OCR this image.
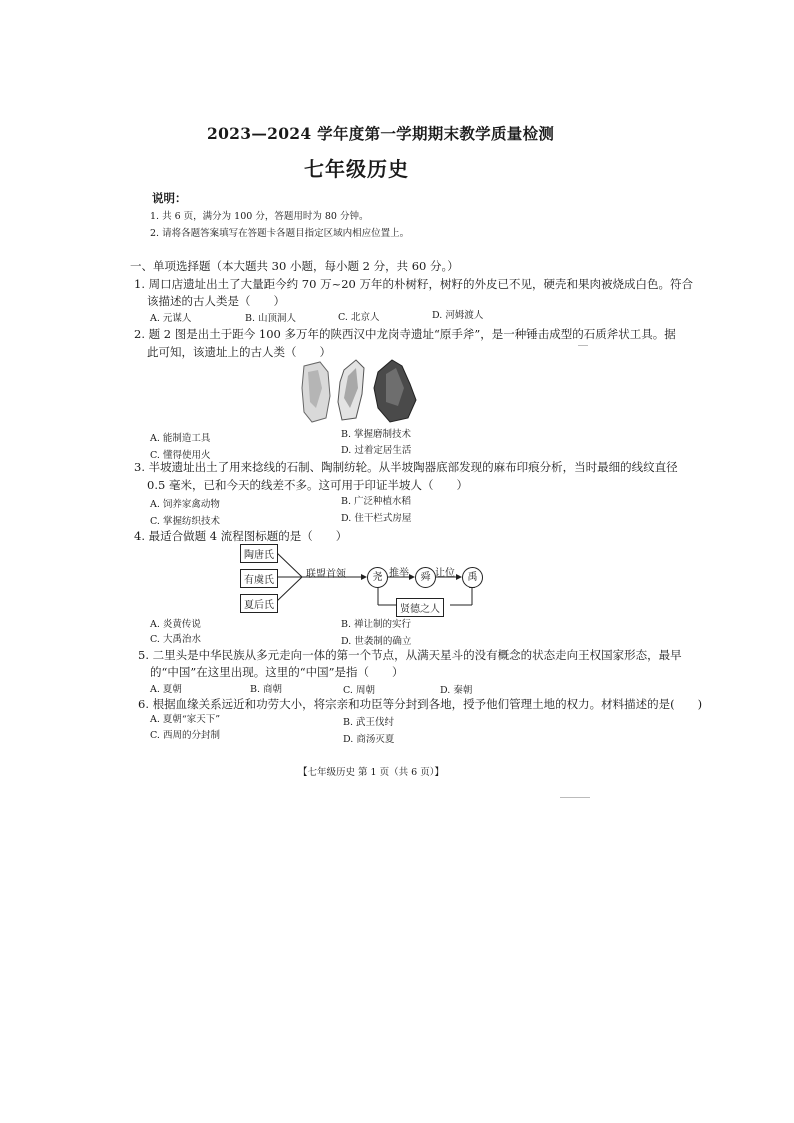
2023—2024 学年度第一学期期末教学质量检测
七年级历史
说明：
1. 共 6 页，满分为 100 分，答题用时为 80 分钟。
2. 请将各题答案填写在答题卡各题目指定区域内相应位置上。
一、单项选择题（本大题共 30 小题，每小题 2 分，共 60 分。）
1. 周口店遗址出土了大量距今约 70 万~20 万年的朴树籽，树籽的外皮已不见，硬壳和果肉被烧成白色。符合
该描述的古人类是（　　）
A. 元谋人	B. 山顶洞人	C. 北京人	D. 河姆渡人
2. 题 2 图是出土于距今 100 多万年的陕西汉中龙岗寺遗址“原手斧”，是一种锤击成型的石质斧状工具。据
此可知，该遗址上的古人类（　　）
B. 掌握磨制技术
A. 能制造工具
D. 过着定居生活
C. 懂得使用火
3. 半坡遗址出土了用来捻线的石制、陶制纺轮。从半坡陶器底部发现的麻布印痕分析，当时最细的线纹直径
0.5 毫米，已和今天的线差不多。这可用于印证半坡人（　　）
B. 广泛种植水稻
A. 饲养家禽动物
D. 住干栏式房屋
C. 掌握纺织技术
4. 最适合做题 4 流程图标题的是（　　）
陶唐氏
有虞氏
夏后氏
联盟首领	尧 推举	舜 让位	禹
贤德之人
A. 炎黄传说	B. 禅让制的实行
C. 大禹治水	D. 世袭制的确立
5. 二里头是中华民族从多元走向一体的第一个节点，从满天星斗的没有概念的状态走向王权国家形态，最早
的“中国”在这里出现。这里的“中国”是指（　　）
A. 夏朝	B. 商朝	C. 周朝	D. 秦朝
6. 根据血缘关系远近和功劳大小，将宗亲和功臣等分封到各地，授予他们管理土地的权力。材料描述的是(　　)
A. 夏朝“家天下”	B. 武王伐纣
C. 西周的分封制	D. 商汤灭夏
【七年级历史 第 1 页（共 6 页）】
